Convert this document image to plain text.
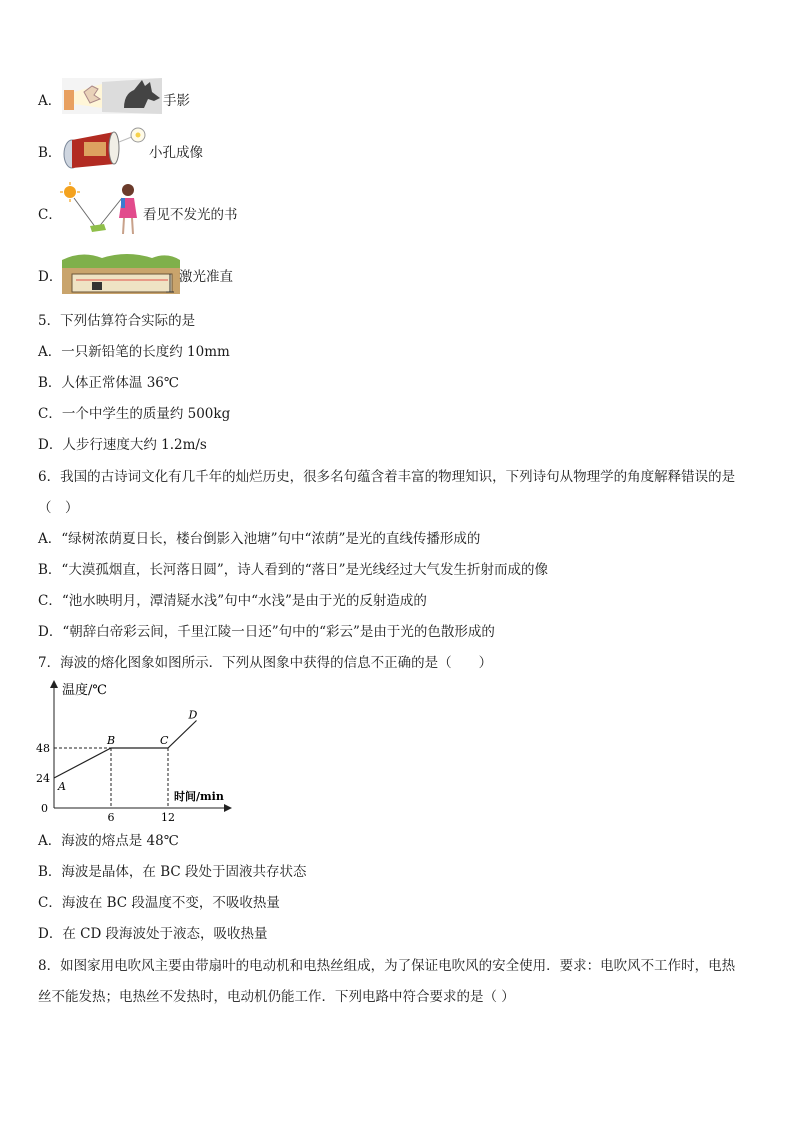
A．	手影
B．	小孔成像
C．	看见不发光的书
D．	激光准直
5．下列估算符合实际的是
A．一只新铅笔的长度约 10mm
B．人体正常体温 36℃
C．一个中学生的质量约 500kg
D．人步行速度大约 1.2m/s
6．我国的古诗词文化有几千年的灿烂历史，很多名句蕴含着丰富的物理知识，下列诗句从物理学的角度解释错误的是
（　）
A．“绿树浓荫夏日长，楼台倒影入池塘”句中“浓荫”是光的直线传播形成的
B．“大漠孤烟直，长河落日圆”，诗人看到的“落日”是光线经过大气发生折射而成的像
C．“池水映明月，潭清疑水浅”句中“水浅”是由于光的反射造成的
D．“朝辞白帝彩云间，千里江陵一日还”句中的“彩云”是由于光的色散形成的
7．海波的熔化图象如图所示．下列从图象中获得的信息不正确的是（　　）
A
B	C
D
温度/℃
时间/min
0
6	12
24
48
A．海波的熔点是 48℃
B．海波是晶体，在 BC 段处于固液共存状态
C．海波在 BC 段温度不变，不吸收热量
D．在 CD 段海波处于液态，吸收热量
8．如图家用电吹风主要由带扇叶的电动机和电热丝组成，为了保证电吹风的安全使用．要求：电吹风不工作时，电热
丝不能发热；电热丝不发热时，电动机仍能工作．下列电路中符合要求的是（ ）
